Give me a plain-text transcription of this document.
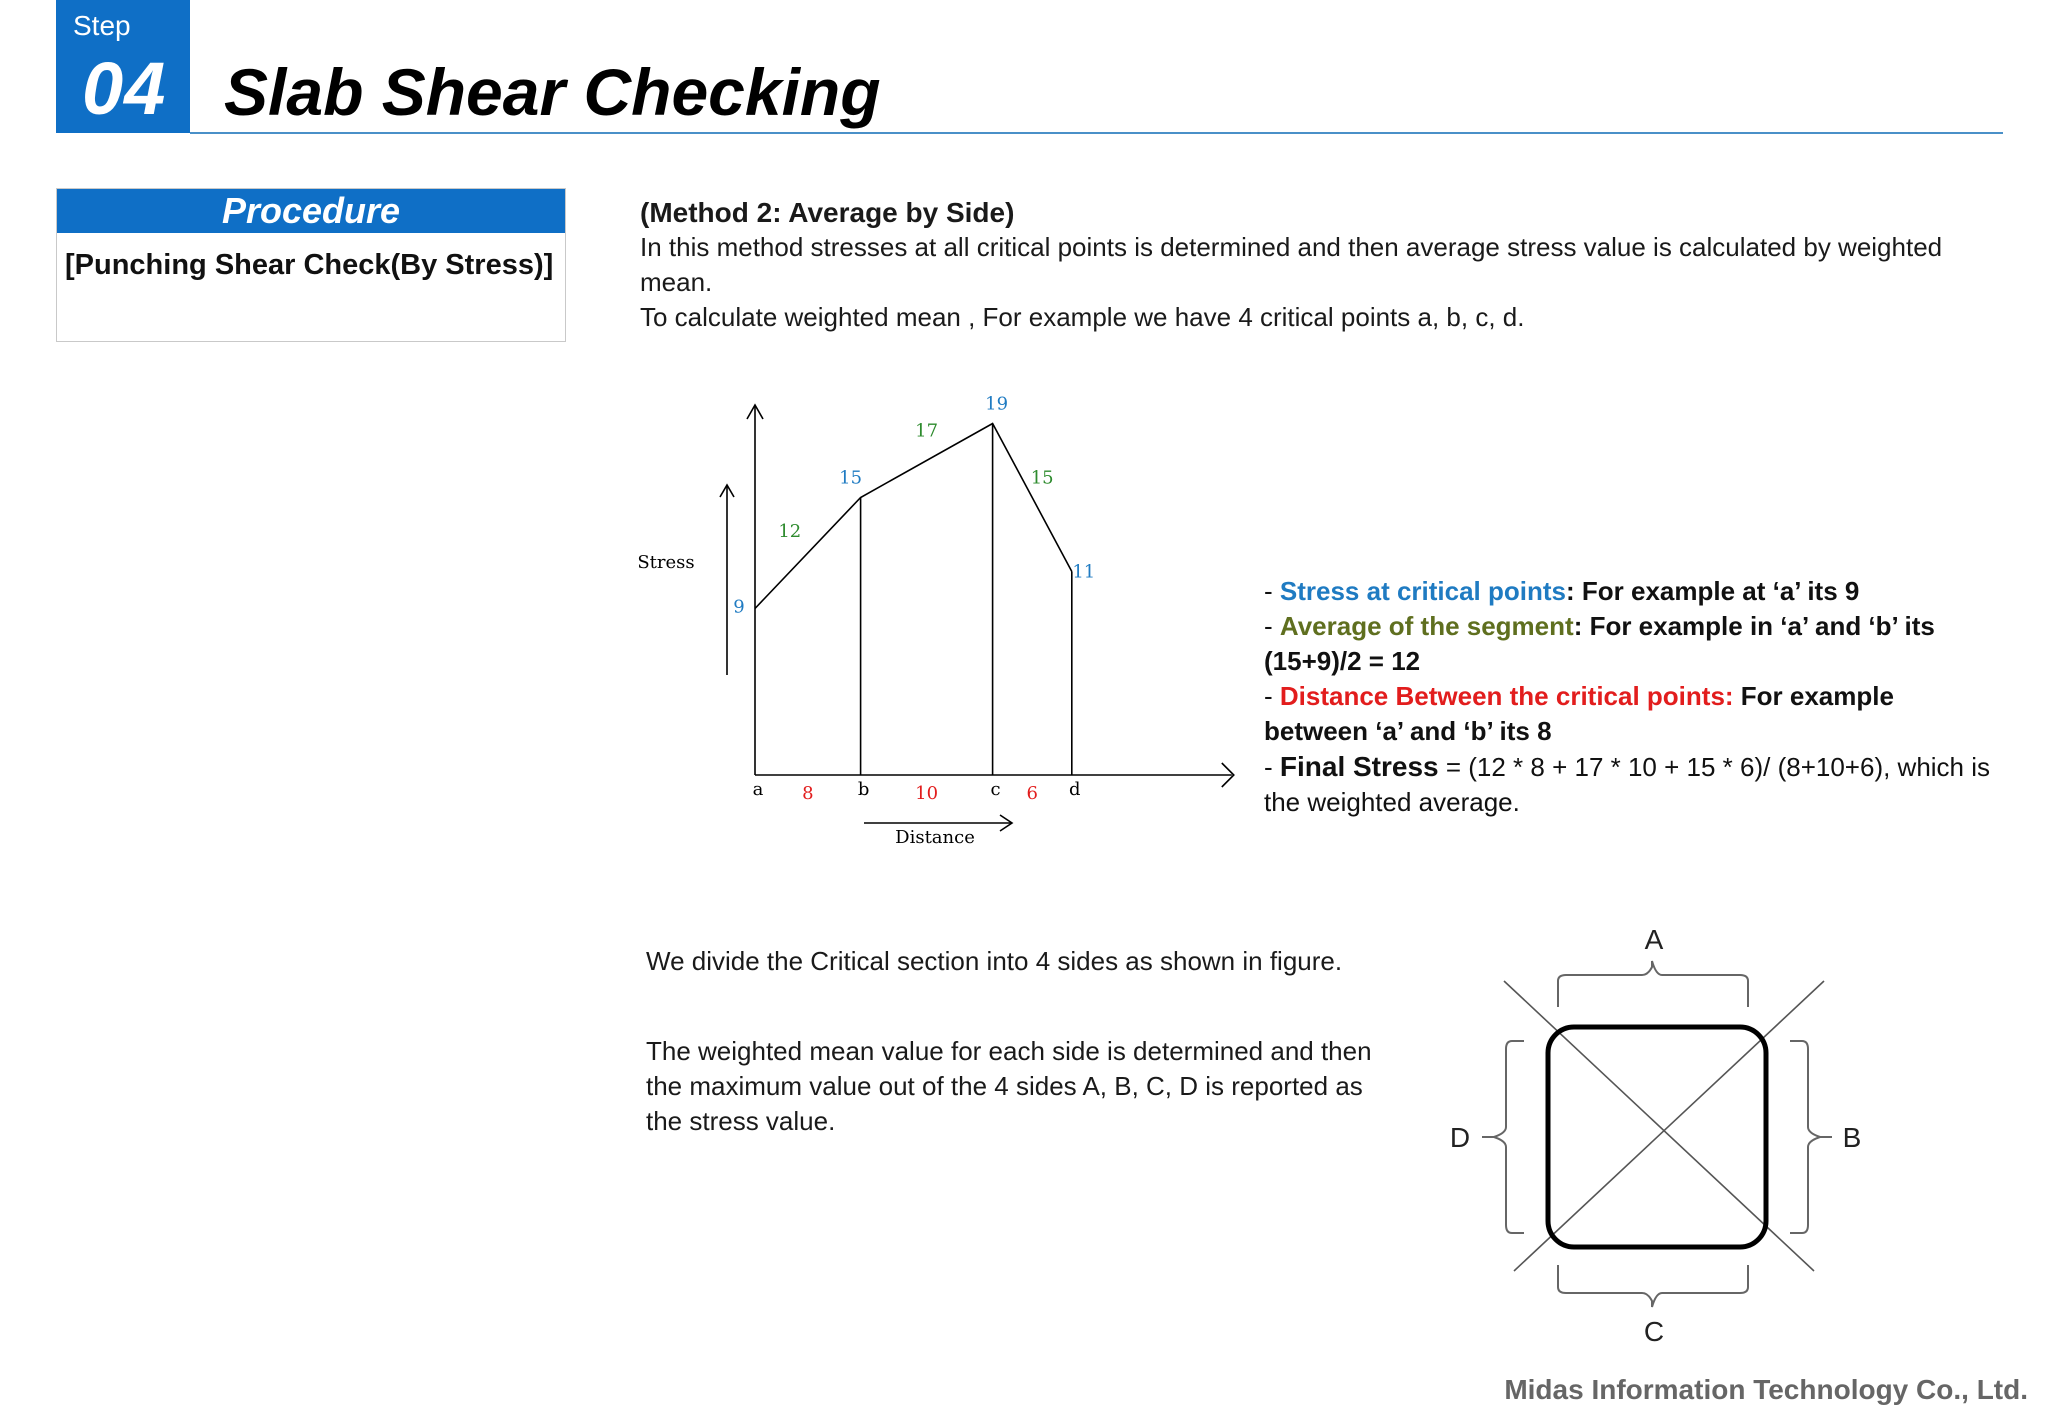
Step
04 Slab Shear Checking
Procedure
[Punching Shear Check(By Stress)]
(Method 2: Average by Side)
In this method stresses at all critical points is determined and then average stress value is calculated by weighted mean.
To calculate weighted mean , For example we have 4 critical points a, b, c, d.
Stress
Distance
9
15
19
11
12
17
15
a	b	c	d
8	10	6
- Stress at critical points: For example at ‘a’ its 9
- Average of the segment: For example in ‘a’ and ‘b’ its
(15+9)/2 = 12
- Distance Between the critical points: For example
between ‘a’ and ‘b’ its 8
- Final Stress = (12 * 8 + 17 * 10 + 15 * 6)/ (8+10+6), which is the weighted average.
We divide the Critical section into 4 sides as shown in figure.
The weighted mean value for each side is determined and then the maximum value out of the 4 sides A, B, C, D is reported as the stress value.
A
B
C
D
Midas Information Technology Co., Ltd.
